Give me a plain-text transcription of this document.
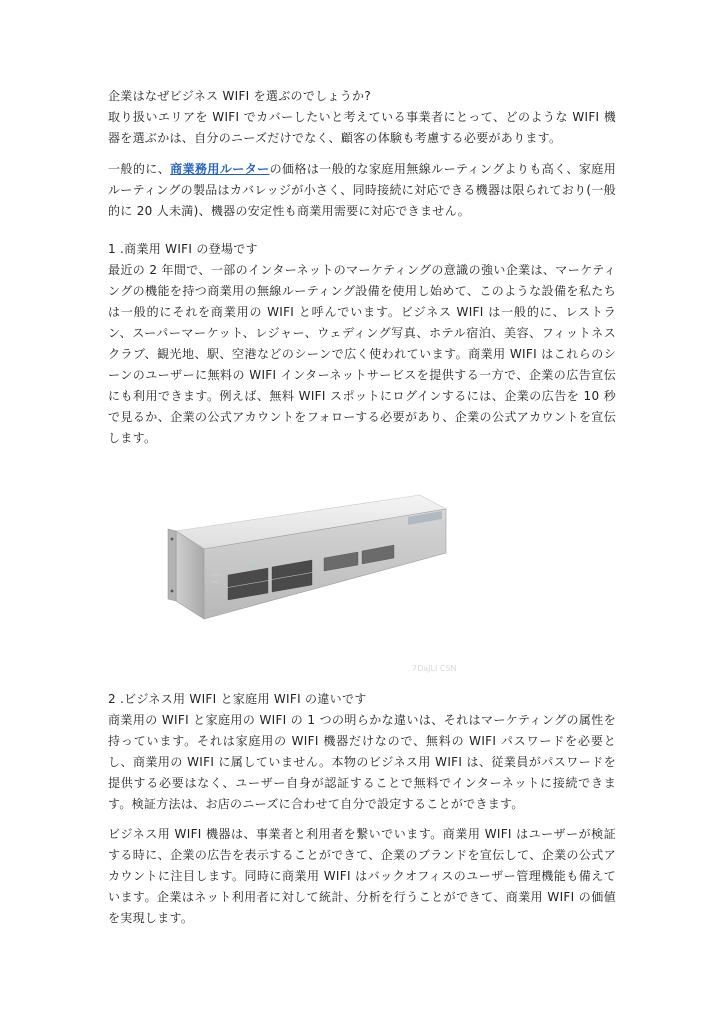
企業はなぜビジネス WIFI を選ぶのでしょうか?

取り扱いエリアを WIFI でカバーしたいと考えている事業者にとって、どのような WIFI 機器を選ぶかは、自分のニーズだけでなく、顧客の体験も考慮する必要があります。

一般的に、商業務用ルーターの価格は一般的な家庭用無線ルーティングよりも高く、家庭用ルーティングの製品はカバレッジが小さく、同時接続に対応できる機器は限られており(一般的に 20 人未満)、機器の安定性も商業用需要に対応できません。

1 .商業用 WIFI の登場です

最近の 2 年間で、一部のインターネットのマーケティングの意識の強い企業は、マーケティングの機能を持つ商業用の無線ルーティング設備を使用し始めて、このような設備を私たちは一般的にそれを商業用の WIFI と呼んでいます。ビジネス WIFI は一般的に、レストラン、スーパーマーケット、レジャー、ウェディング写真、ホテル宿泊、美容、フィットネスクラブ、観光地、駅、空港などのシーンで広く使われています。商業用 WIFI はこれらのシーンのユーザーに無料の WIFI インターネットサービスを提供する一方で、企業の広告宣伝にも利用できます。例えば、無料 WIFI スポットにログインするには、企業の広告を 10 秒で見るか、企業の公式アカウントをフォローする必要があり、企業の公式アカウントを宣伝します。

7DaJLI CSN

2 .ビジネス用 WIFI と家庭用 WIFI の違いです

商業用の WIFI と家庭用の WIFI の 1 つの明らかな違いは、それはマーケティングの属性を持っています。それは家庭用の WIFI 機器だけなので、無料の WIFI パスワードを必要とし、商業用の WIFI に属していません。本物のビジネス用 WIFI は、従業員がパスワードを提供する必要はなく、ユーザー自身が認証することで無料でインターネットに接続できます。検証方法は、お店のニーズに合わせて自分で設定することができます。

ビジネス用 WIFI 機器は、事業者と利用者を繋いでいます。商業用 WIFI はユーザーが検証する時に、企業の広告を表示することができて、企業のブランドを宣伝して、企業の公式アカウントに注目します。同時に商業用 WIFI はバックオフィスのユーザー管理機能も備えています。企業はネット利用者に対して統計、分析を行うことができて、商業用 WIFI の価値を実現します。
